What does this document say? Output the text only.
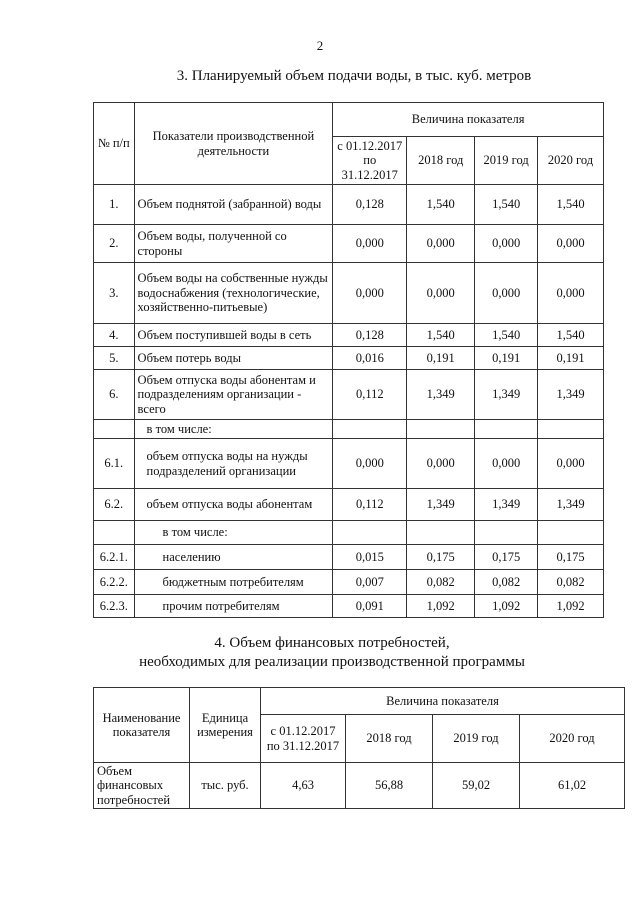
2
3. Планируемый объем подачи воды, в тыс. куб. метров
№ п/п	Показатели производственной деятельности	Величина показателя			
		с 01.12.2017 по 31.12.2017	2018 год	2019 год	2020 год
1.	Объем поднятой (забранной) воды	0,128	1,540	1,540	1,540
2.	Объем воды, полученной со стороны	0,000	0,000	0,000	0,000
3.	Объем воды на собственные нужды водоснабжения (технологические, хозяйственно-питьевые)	0,000	0,000	0,000	0,000
4.	Объем поступившей воды в сеть	0,128	1,540	1,540	1,540
5.	Объем потерь воды	0,016	0,191	0,191	0,191
6.	Объем отпуска воды абонентам и подразделениям организации - всего	0,112	1,349	1,349	1,349
	в том числе:				
6.1.	объем отпуска воды на нужды подразделений организации	0,000	0,000	0,000	0,000
6.2.	объем отпуска воды абонентам	0,112	1,349	1,349	1,349
	в том числе:				
6.2.1.	населению	0,015	0,175	0,175	0,175
6.2.2.	бюджетным потребителям	0,007	0,082	0,082	0,082
6.2.3.	прочим потребителям	0,091	1,092	1,092	1,092
4. Объем финансовых потребностей,
необходимых для реализации производственной программы
Наименование показателя	Единица измерения	Величина показателя			
		с 01.12.2017 по 31.12.2017	2018 год	2019 год	2020 год
Объем финансовых потребностей	тыс. руб.	4,63	56,88	59,02	61,02
